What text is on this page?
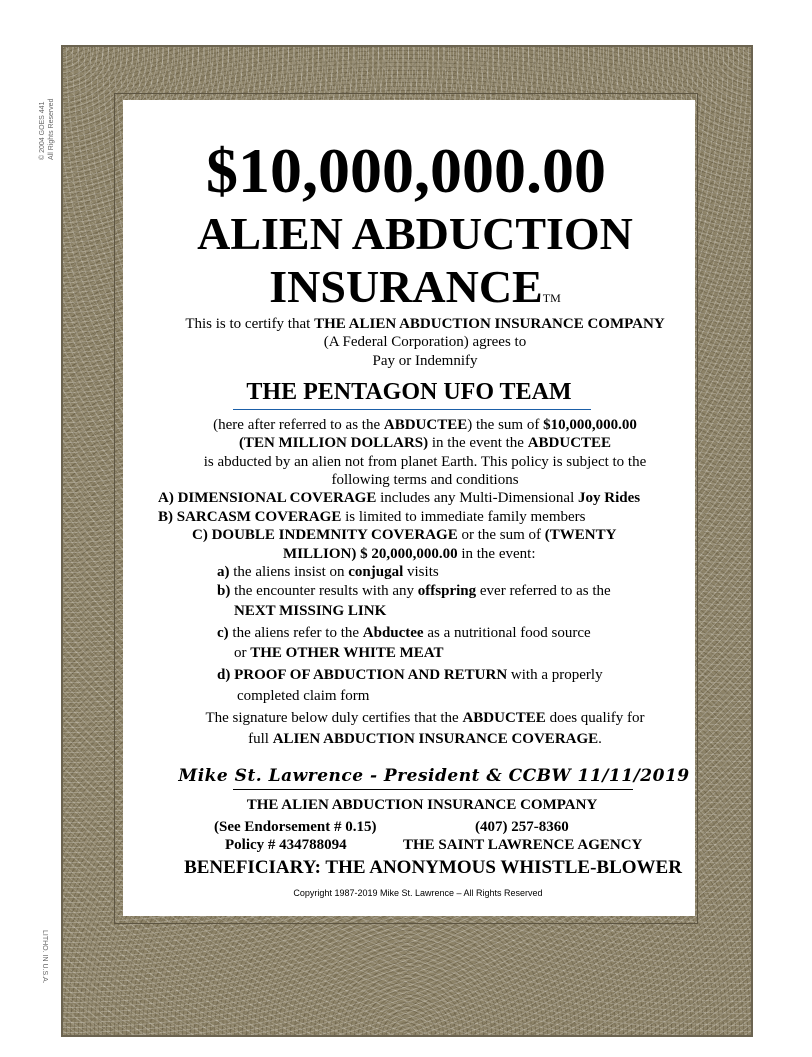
© 2004 GOES 441 All Rights Reserved
LITHO. IN U.S.A.
$10,000,000.00
ALIEN ABDUCTION
INSURANCETM
This is to certify that THE ALIEN ABDUCTION INSURANCE COMPANY
(A Federal Corporation) agrees to
Pay or Indemnify
THE PENTAGON UFO TEAM
(here after referred to as the ABDUCTEE) the sum of $10,000,000.00
(TEN MILLION DOLLARS) in the event the ABDUCTEE
is abducted by an alien not from planet Earth. This policy is subject to the
following terms and conditions
A) DIMENSIONAL COVERAGE includes any Multi-Dimensional Joy Rides
B) SARCASM COVERAGE is limited to immediate family members
C) DOUBLE INDEMNITY COVERAGE or the sum of (TWENTY
MILLION) $ 20,000,000.00 in the event:
a) the aliens insist on conjugal visits
b) the encounter results with any offspring ever referred to as the
NEXT MISSING LINK
c) the aliens refer to the Abductee as a nutritional food source
or THE OTHER WHITE MEAT
d) PROOF OF ABDUCTION AND RETURN with a properly
completed claim form
The signature below duly certifies that the ABDUCTEE does qualify for
full ALIEN ABDUCTION INSURANCE COVERAGE.
Mike St. Lawrence - President & CCBW 11/11/2019
THE ALIEN ABDUCTION INSURANCE COMPANY
(See Endorsement # 0.15)	(407) 257-8360
Policy # 434788094	THE SAINT LAWRENCE AGENCY
BENEFICIARY: THE ANONYMOUS WHISTLE-BLOWER
Copyright 1987-2019 Mike St. Lawrence – All Rights Reserved
